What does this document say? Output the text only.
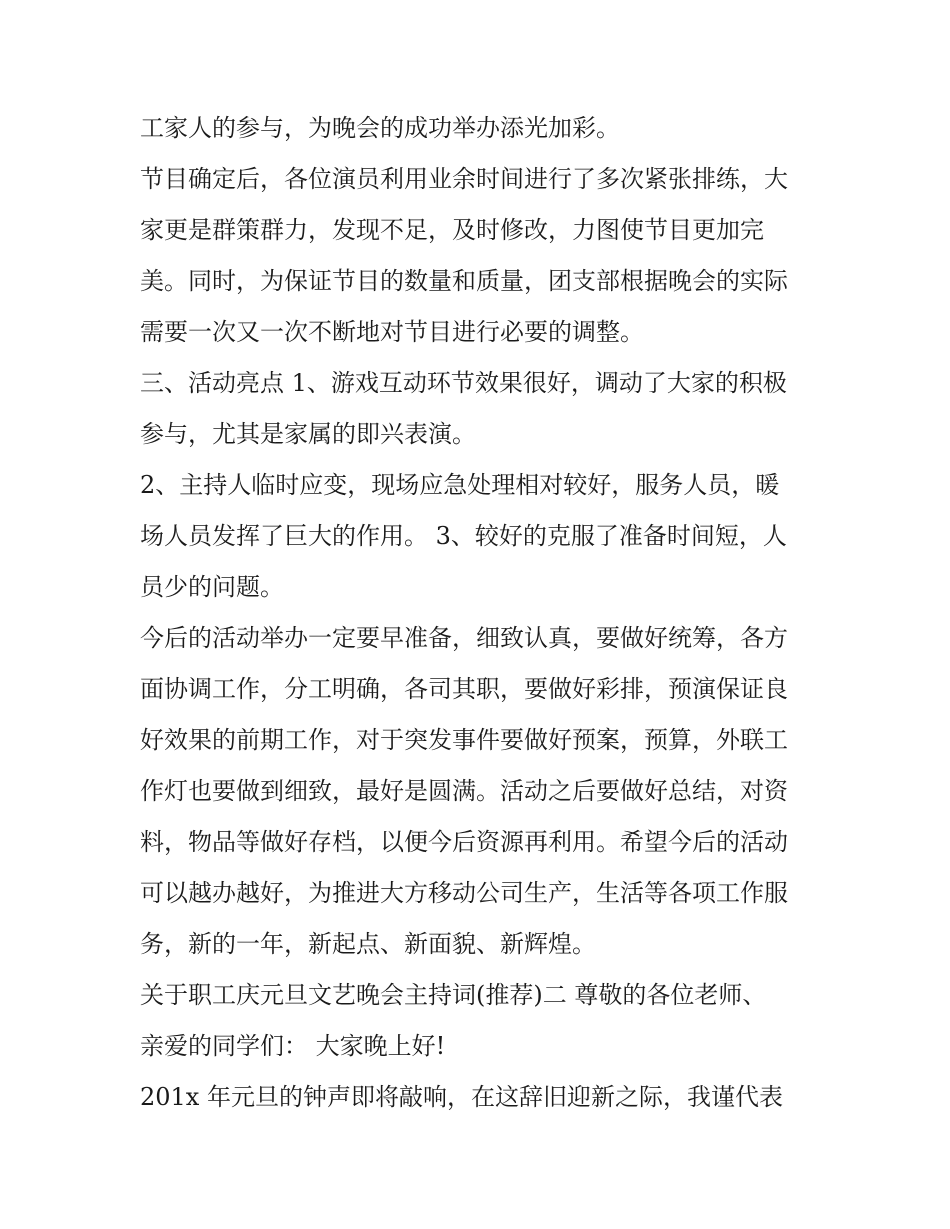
工家人的参与，为晚会的成功举办添光加彩。
节目确定后，各位演员利用业余时间进行了多次紧张排练，大
家更是群策群力，发现不足，及时修改，力图使节目更加完
美。同时，为保证节目的数量和质量，团支部根据晚会的实际
需要一次又一次不断地对节目进行必要的调整。
三、活动亮点 1、游戏互动环节效果很好，调动了大家的积极
参与，尤其是家属的即兴表演。
2、主持人临时应变，现场应急处理相对较好，服务人员，暖
场人员发挥了巨大的作用。 3、较好的克服了准备时间短，人
员少的问题。
今后的活动举办一定要早准备，细致认真，要做好统筹，各方
面协调工作，分工明确，各司其职，要做好彩排，预演保证良
好效果的前期工作，对于突发事件要做好预案，预算，外联工
作灯也要做到细致，最好是圆满。活动之后要做好总结，对资
料，物品等做好存档，以便今后资源再利用。希望今后的活动
可以越办越好，为推进大方移动公司生产，生活等各项工作服
务，新的一年，新起点、新面貌、新辉煌。
关于职工庆元旦文艺晚会主持词(推荐)二 尊敬的各位老师、
亲爱的同学们： 大家晚上好!
201x 年元旦的钟声即将敲响，在这辞旧迎新之际，我谨代表
